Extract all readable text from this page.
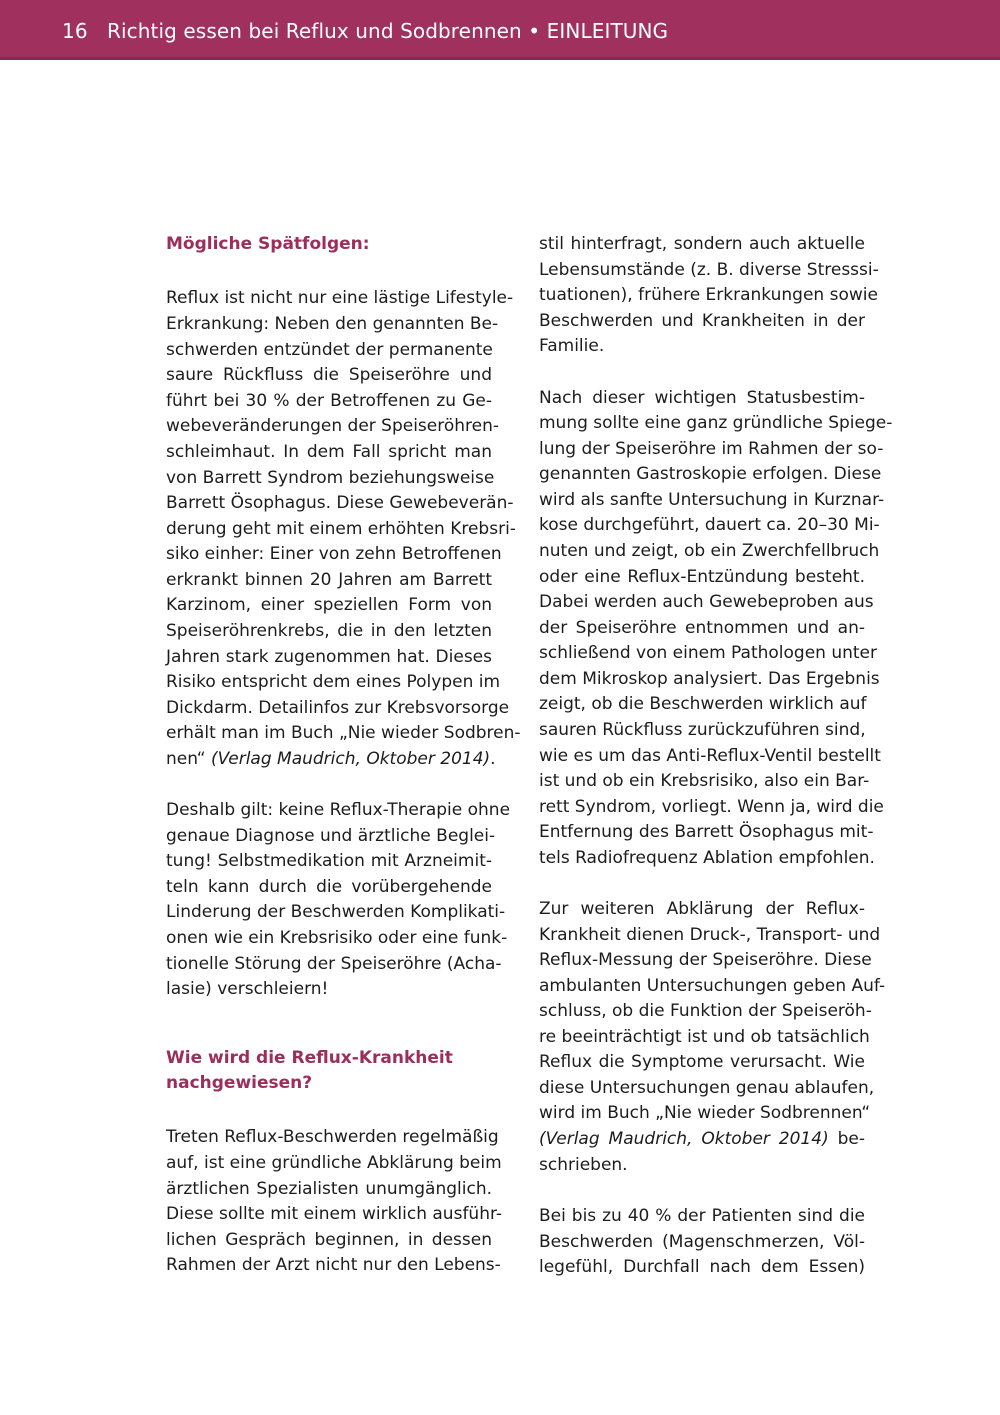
16 Richtig essen bei Reflux und Sodbrennen • EINLEITUNG
Mögliche Spätfolgen:
Reflux ist nicht nur eine lästige Lifestyle-
Erkrankung: Neben den genannten Be-
schwerden entzündet der permanente
saure Rückfluss die Speiseröhre und
führt bei 30 % der Betroffenen zu Ge-
webeveränderungen der Speiseröhren-
schleimhaut. In dem Fall spricht man
von Barrett Syndrom beziehungsweise
Barrett Ösophagus. Diese Gewebeverän-
derung geht mit einem erhöhten Krebsri-
siko einher: Einer von zehn Betroffenen
erkrankt binnen 20 Jahren am Barrett
Karzinom, einer speziellen Form von
Speiseröhrenkrebs, die in den letzten
Jahren stark zugenommen hat. Dieses
Risiko entspricht dem eines Polypen im
Dickdarm. Detailinfos zur Krebsvorsorge
erhält man im Buch „Nie wieder Sodbren-
nen“ (Verlag Maudrich, Oktober 2014).
Deshalb gilt: keine Reflux-Therapie ohne
genaue Diagnose und ärztliche Beglei-
tung! Selbstmedikation mit Arzneimit-
teln kann durch die vorübergehende
Linderung der Beschwerden Komplikati-
onen wie ein Krebsrisiko oder eine funk-
tionelle Störung der Speiseröhre (Acha-
lasie) verschleiern!
Wie wird die Reflux-Krankheit
nachgewiesen?
Treten Reflux-Beschwerden regelmäßig
auf, ist eine gründliche Abklärung beim
ärztlichen Spezialisten unumgänglich.
Diese sollte mit einem wirklich ausführ-
lichen Gespräch beginnen, in dessen
Rahmen der Arzt nicht nur den Lebens-
stil hinterfragt, sondern auch aktuelle
Lebensumstände (z. B. diverse Stresssi-
tuationen), frühere Erkrankungen sowie
Beschwerden und Krankheiten in der
Familie.
Nach dieser wichtigen Statusbestim-
mung sollte eine ganz gründliche Spiege-
lung der Speiseröhre im Rahmen der so-
genannten Gastroskopie erfolgen. Diese
wird als sanfte Untersuchung in Kurznar-
kose durchgeführt, dauert ca. 20–30 Mi-
nuten und zeigt, ob ein Zwerchfellbruch
oder eine Reflux-Entzündung besteht.
Dabei werden auch Gewebeproben aus
der Speiseröhre entnommen und an-
schließend von einem Pathologen unter
dem Mikroskop analysiert. Das Ergebnis
zeigt, ob die Beschwerden wirklich auf
sauren Rückfluss zurückzuführen sind,
wie es um das Anti-Reflux-Ventil bestellt
ist und ob ein Krebsrisiko, also ein Bar-
rett Syndrom, vorliegt. Wenn ja, wird die
Entfernung des Barrett Ösophagus mit-
tels Radiofrequenz Ablation empfohlen.
Zur weiteren Abklärung der Reflux-
Krankheit dienen Druck-, Transport- und
Reflux-Messung der Speiseröhre. Diese
ambulanten Untersuchungen geben Auf-
schluss, ob die Funktion der Speiseröh-
re beeinträchtigt ist und ob tatsächlich
Reflux die Symptome verursacht. Wie
diese Untersuchungen genau ablaufen,
wird im Buch „Nie wieder Sodbrennen“
(Verlag Maudrich, Oktober 2014) be-
schrieben.
Bei bis zu 40 % der Patienten sind die
Beschwerden (Magenschmerzen, Völ-
legefühl, Durchfall nach dem Essen)
